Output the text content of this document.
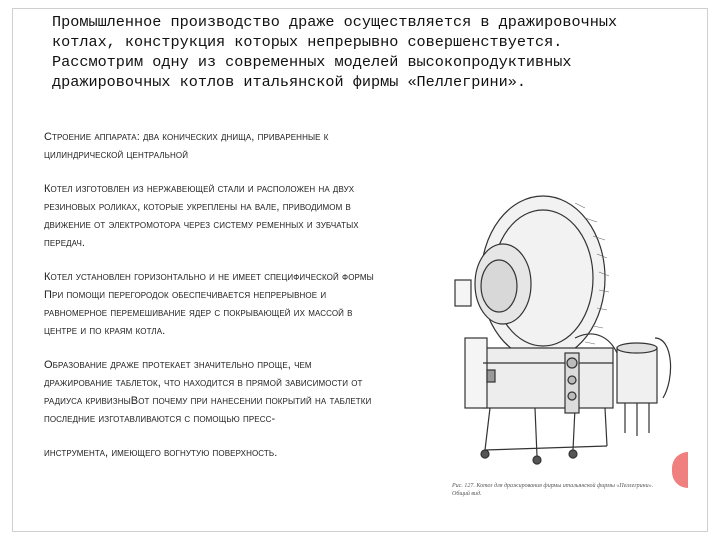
Промышленное производство драже осуществляется в дражировочных котлах, конструкция которых непрерывно совершенствуется. Рассмотрим одну из современных моделей высокопродуктивных дражировочных котлов итальянской фирмы «Пеллегрини».

Строение аппарата: два конических днища, приваренные к цилиндрической центральной

Котел изготовлен из нержавеющей стали и расположен на двух резиновых роликах, которые укреплены на вале, приводимом в движение от электромотора через систему ременных и зубчатых передач.

Котел установлен горизонтально и не имеет специфической формы При помощи перегородок обеспечивается непрерывное и равномерное перемешивание ядер с покрывающей их массой в центре и по краям котла.

Образование драже протекает значительно проще, чем дражирование таблеток, что находится в прямой зависимости от радиуса кривизныВот почему при нанесении покрытий на таблетки последние изготавливаются с помощью пресс-

инструмента, имеющего вогнутую поверхность.

Рис. 127. Котел для дражирования фирмы итальянской фирмы «Пеллегрини». Общий вид.
